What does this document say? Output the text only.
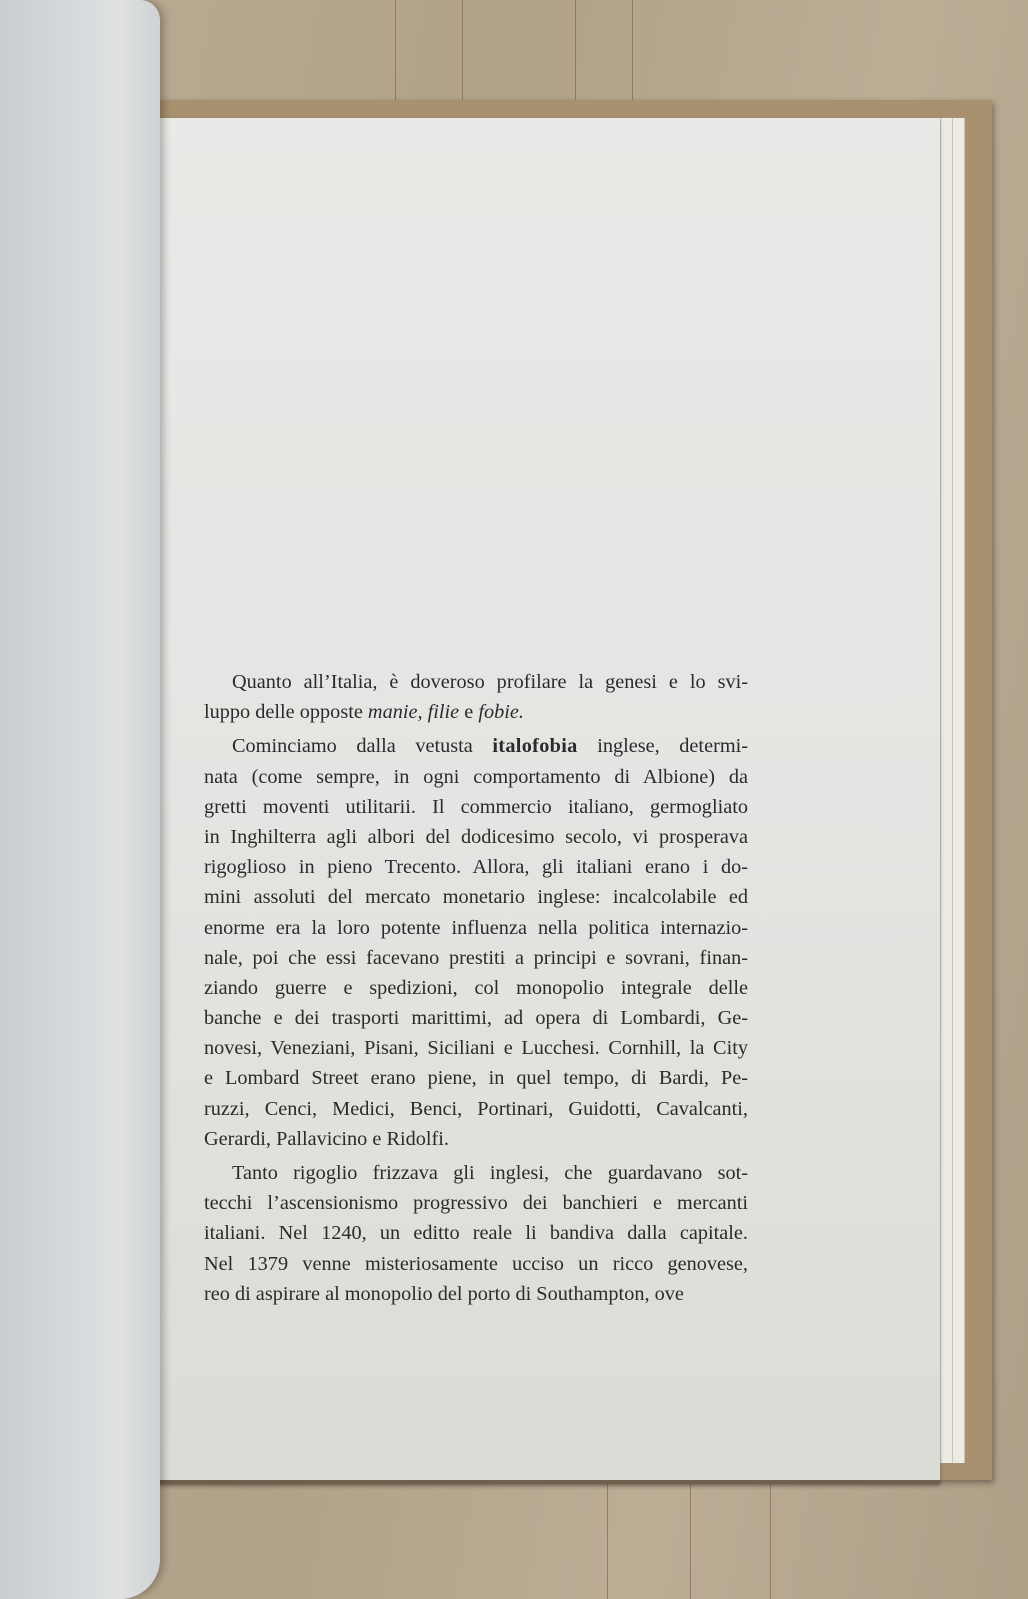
Quanto all’Italia, è doveroso profilare la genesi e lo svi-
luppo delle opposte manie, filie e fobie.
Cominciamo dalla vetusta italofobia inglese, determi-
nata (come sempre, in ogni comportamento di Albione) da
gretti moventi utilitarii. Il commercio italiano, germogliato
in Inghilterra agli albori del dodicesimo secolo, vi prosperava
rigoglioso in pieno Trecento. Allora, gli italiani erano i do-
mini assoluti del mercato monetario inglese: incalcolabile ed
enorme era la loro potente influenza nella politica internazio-
nale, poi che essi facevano prestiti a principi e sovrani, finan-
ziando guerre e spedizioni, col monopolio integrale delle
banche e dei trasporti marittimi, ad opera di Lombardi, Ge-
novesi, Veneziani, Pisani, Siciliani e Lucchesi. Cornhill, la City
e Lombard Street erano piene, in quel tempo, di Bardi, Pe-
ruzzi, Cenci, Medici, Benci, Portinari, Guidotti, Cavalcanti,
Gerardi, Pallavicino e Ridolfi.
Tanto rigoglio frizzava gli inglesi, che guardavano sot-
tecchi l’ascensionismo progressivo dei banchieri e mercanti
italiani. Nel 1240, un editto reale li bandiva dalla capitale.
Nel 1379 venne misteriosamente ucciso un ricco genovese,
reo di aspirare al monopolio del porto di Southampton, ove
